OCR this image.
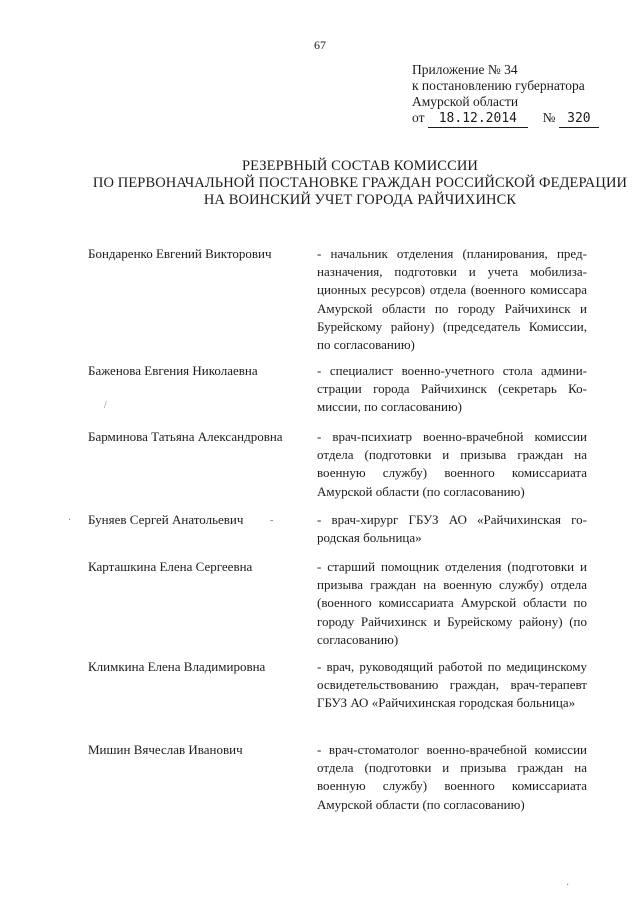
67
Приложение № 34
к постановлению губернатора
Амурской области
от 18.12.2014 № 320
РЕЗЕРВНЫЙ СОСТАВ КОМИССИИ
ПО ПЕРВОНАЧАЛЬНОЙ ПОСТАНОВКЕ ГРАЖДАН РОССИЙСКОЙ ФЕДЕРАЦИИ
НА ВОИНСКИЙ УЧЕТ ГОРОДА РАЙЧИХИНСК
Бондаренко Евгений Викторович	- начальник отделения (планирования, предназначения, подготовки и учета мобилизационных ресурсов) отдела (военного комиссара Амурской области по городу Райчихинск и Бурейскому району) (председатель Комиссии, по согласованию)
Баженова Евгения Николаевна	- специалист военно-учетного стола администрации города Райчихинск (секретарь Комиссии, по согласованию)
Барминова Татьяна Александровна	- врач-психиатр военно-врачебной комиссии отдела (подготовки и призыва граждан на военную службу) военного комиссариата Амурской области (по согласованию)
Буняев Сергей Анатольевич	- врач-хирург ГБУЗ АО «Райчихинская городская больница»
Карташкина Елена Сергеевна	- старший помощник отделения (подготовки и призыва граждан на военную службу) отдела (военного комиссариата Амурской области по городу Райчихинск и Бурейскому району) (по согласованию)
Климкина Елена Владимировна	- врач, руководящий работой по медицинскому освидетельствованию граждан, врач-терапевт ГБУЗ АО «Райчихинская городская больница»
Мишин Вячеслав Иванович	- врач-стоматолог военно-врачебной комиссии отдела (подготовки и призыва граждан на военную службу) военного комиссариата Амурской области (по согласованию)
/
·	-
·
